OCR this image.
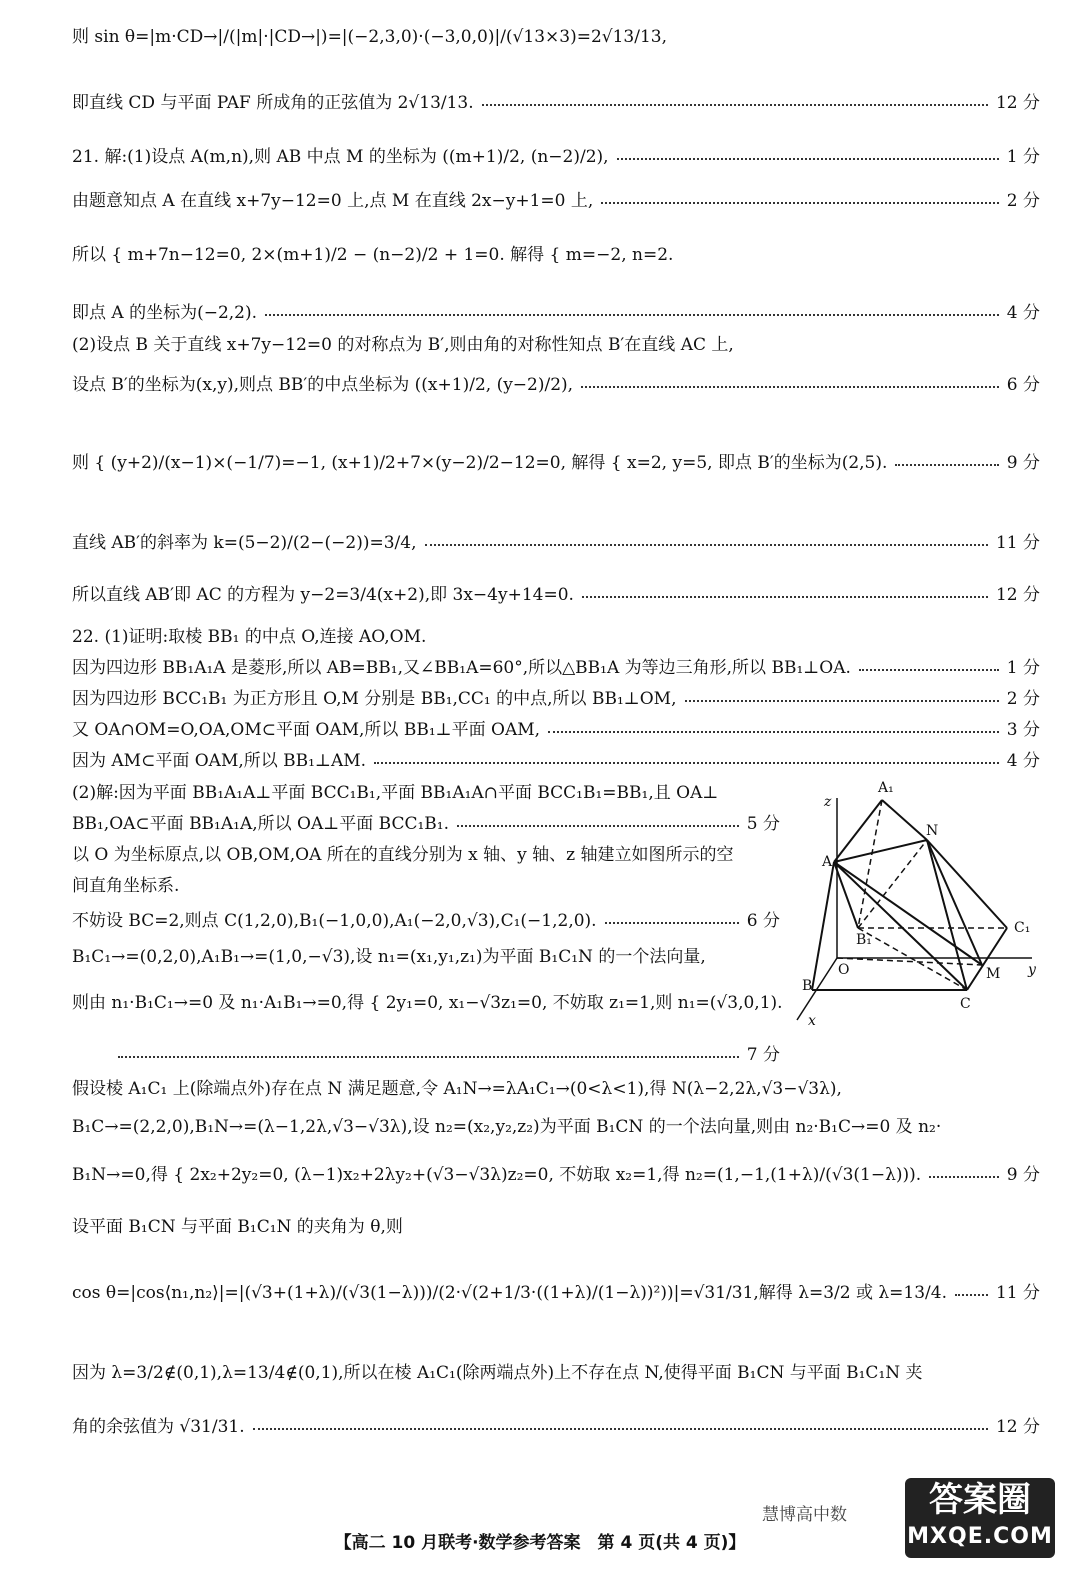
则 sin θ=|m·CD→|/(|m|·|CD→|)=|(−2,3,0)·(−3,0,0)|/(√13×3)=2√13/13,
即直线 CD 与平面 PAF 所成角的正弦值为 2√13/13.	12 分
21. 解:(1)设点 A(m,n),则 AB 中点 M 的坐标为 ((m+1)/2, (n−2)/2),	1 分
由题意知点 A 在直线 x+7y−12=0 上,点 M 在直线 2x−y+1=0 上,	2 分
所以 { m+7n−12=0, 2×(m+1)/2 − (n−2)/2 + 1=0. 解得 { m=−2, n=2.
即点 A 的坐标为(−2,2).	4 分
(2)设点 B 关于直线 x+7y−12=0 的对称点为 B′,则由角的对称性知点 B′在直线 AC 上,
设点 B′的坐标为(x,y),则点 BB′的中点坐标为 ((x+1)/2, (y−2)/2),	6 分
则 { (y+2)/(x−1)×(−1/7)=−1, (x+1)/2+7×(y−2)/2−12=0, 解得 { x=2, y=5, 即点 B′的坐标为(2,5).	9 分
直线 AB′的斜率为 k=(5−2)/(2−(−2))=3/4,	11 分
所以直线 AB′即 AC 的方程为 y−2=3/4(x+2),即 3x−4y+14=0.	12 分
22. (1)证明:取棱 BB₁ 的中点 O,连接 AO,OM.
因为四边形 BB₁A₁A 是菱形,所以 AB=BB₁,又∠BB₁A=60°,所以△BB₁A 为等边三角形,所以 BB₁⊥OA.	1 分
因为四边形 BCC₁B₁ 为正方形且 O,M 分别是 BB₁,CC₁ 的中点,所以 BB₁⊥OM,	2 分
又 OA∩OM=O,OA,OM⊂平面 OAM,所以 BB₁⊥平面 OAM,	3 分
因为 AM⊂平面 OAM,所以 BB₁⊥AM.	4 分
(2)解:因为平面 BB₁A₁A⊥平面 BCC₁B₁,平面 BB₁A₁A∩平面 BCC₁B₁=BB₁,且 OA⊥
BB₁,OA⊂平面 BB₁A₁A,所以 OA⊥平面 BCC₁B₁.	5 分
以 O 为坐标原点,以 OB,OM,OA 所在的直线分别为 x 轴、y 轴、z 轴建立如图所示的空
间直角坐标系.
不妨设 BC=2,则点 C(1,2,0),B₁(−1,0,0),A₁(−2,0,√3),C₁(−1,2,0).	6 分
B₁C₁→=(0,2,0),A₁B₁→=(1,0,−√3),设 n₁=(x₁,y₁,z₁)为平面 B₁C₁N 的一个法向量,
则由 n₁·B₁C₁→=0 及 n₁·A₁B₁→=0,得 { 2y₁=0, x₁−√3z₁=0, 不妨取 z₁=1,则 n₁=(√3,0,1).
7 分
假设棱 A₁C₁ 上(除端点外)存在点 N 满足题意,令 A₁N→=λA₁C₁→(0<λ<1),得 N(λ−2,2λ,√3−√3λ),
B₁C→=(2,2,0),B₁N→=(λ−1,2λ,√3−√3λ),设 n₂=(x₂,y₂,z₂)为平面 B₁CN 的一个法向量,则由 n₂·B₁C→=0 及 n₂·
B₁N→=0,得 { 2x₂+2y₂=0, (λ−1)x₂+2λy₂+(√3−√3λ)z₂=0, 不妨取 x₂=1,得 n₂=(1,−1,(1+λ)/(√3(1−λ))).	9 分
设平面 B₁CN 与平面 B₁C₁N 的夹角为 θ,则
cos θ=|cos⟨n₁,n₂⟩|=|(√3+(1+λ)/(√3(1−λ)))/(2·√(2+1/3·((1+λ)/(1−λ))²))|=√31/31,解得 λ=3/2 或 λ=13/4.	11 分
因为 λ=3/2∉(0,1),λ=13/4∉(0,1),所以在棱 A₁C₁(除两端点外)上不存在点 N,使得平面 B₁CN 与平面 B₁C₁N 夹
角的余弦值为 √31/31.	12 分
z
A₁
N
A
C₁
B₁
O	M y
B
C
x
慧博高中数	答案圈
MXQE.COM
【高二 10 月联考·数学参考答案　第 4 页(共 4 页)】
